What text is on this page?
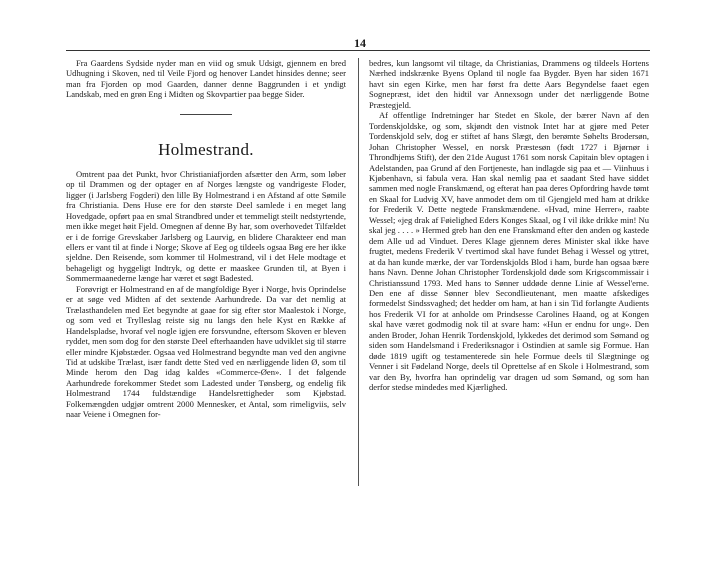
14

Fra Gaardens Sydside nyder man en viid og smuk Udsigt, gjennem en bred Udhugning i Skoven, ned til Veile Fjord og henover Landet hinsides denne; seer man fra Fjorden op mod Gaarden, danner denne Baggrunden i et yndigt Landskab, med en grøn Eng i Midten og Skovpartier paa begge Sider.

Holmestrand.

Omtrent paa det Punkt, hvor Christianiafjorden afsætter den Arm, som løber op til Drammen og der optager en af Norges længste og vandrigeste Floder, ligger (i Jarlsberg Fogderi) den lille By Holmestrand i en Afstand af otte Sømile fra Christiania. Dens Huse ere for den største Deel samlede i en meget lang Hovedgade, opført paa en smal Strandbred under et temmeligt steilt nedstyrtende, men ikke meget høit Fjeld. Omegnen af denne By har, som overhovedet Tilfældet er i de forrige Grevskaber Jarlsberg og Laurvig, en blidere Charakteer end man ellers er vant til at finde i Norge; Skove af Eeg og tildeels ogsaa Bøg ere her ikke sjeldne. Den Reisende, som kommer til Holmestrand, vil i det Hele modtage et behageligt og hyggeligt Indtryk, og dette er maaskee Grunden til, at Byen i Sommermaanederne længe har været et søgt Badested.

Forøvrigt er Holmestrand en af de mangfoldige Byer i Norge, hvis Oprindelse er at søge ved Midten af det sextende Aarhundrede. Da var det nemlig at Trælasthandelen med Eet begyndte at gaae for sig efter stor Maalestok i Norge, og som ved et Trylleslag reiste sig nu langs den hele Kyst en Række af Handelspladse, hvoraf vel nogle igjen ere forsvundne, eftersom Skoven er bleven ryddet, men som dog for den største Deel efterhaanden have udviklet sig til større eller mindre Kjøbstæder. Ogsaa ved Holmestrand begyndte man ved den angivne Tid at udskibe Trælast, især fandt dette Sted ved en nærliggende liden Ø, som til Minde herom den Dag idag kaldes «Commerce-Øen». I det følgende Aarhundrede forekommer Stedet som Ladested under Tønsberg, og endelig fik Holmestrand 1744 fuldstændige Handelsrettigheder som Kjøbstad. Folkemængden udgjør omtrent 2000 Mennesker, et Antal, som rimeligviis, selv naar Veiene i Omegnen for-

bedres, kun langsomt vil tiltage, da Christianias, Drammens og tildeels Hortens Nærhed indskrænke Byens Opland til nogle faa Bygder. Byen har siden 1671 havt sin egen Kirke, men har først fra dette Aars Begyndelse faaet egen Sognepræst, idet den hidtil var Annexsogn under det nærliggende Botne Præstegjeld.

Af offentlige Indretninger har Stedet en Skole, der bærer Navn af den Tordenskjoldske, og som, skjøndt den vistnok Intet har at gjøre med Peter Tordenskjold selv, dog er stiftet af hans Slægt, den berømte Søhelts Brodersøn, Johan Christopher Wessel, en norsk Præstesøn (født 1727 i Bjørnør i Throndhjems Stift), der den 21de August 1761 som norsk Capitain blev optagen i Adelstanden, paa Grund af den Fortjeneste, han indlagde sig paa et — Viinhuus i Kjøbenhavn, si fabula vera. Han skal nemlig paa et saadant Sted have siddet sammen med nogle Franskmænd, og efterat han paa deres Opfordring havde tømt en Skaal for Ludvig XV, have anmodet dem om til Gjengjeld med ham at drikke for Frederik V. Dette negtede Franskmændene. «Hvad, mine Herrer», raabte Wessel; «jeg drak af Føielighed Eders Konges Skaal, og I vil ikke drikke min! Nu skal jeg . . . . » Hermed greb han den ene Franskmand efter den anden og kastede dem Alle ud ad Vinduet. Deres Klage gjennem deres Minister skal ikke have frugtet, medens Frederik V tvertimod skal have fundet Behag i Wessel og yttret, at da han kunde mærke, der var Tordenskjolds Blod i ham, burde han ogsaa bære hans Navn. Denne Johan Christopher Tordenskjold døde som Krigscommissair i Christianssund 1793. Med hans to Sønner uddøde denne Linie af Wessel'erne. Den ene af disse Sønner blev Secondlieutenant, men maatte afskediges formedelst Sindssvaghed; det hedder om ham, at han i sin Tid forlangte Audients hos Frederik VI for at anholde om Prindsesse Carolines Haand, og at Kongen skal have været godmodig nok til at svare ham: «Hun er endnu for ung». Den anden Broder, Johan Henrik Tordenskjold, lykkedes det derimod som Sømand og siden som Handelsmand i Frederiksnagor i Ostindien at samle sig Formue. Han døde 1819 ugift og testamenterede sin hele Formue deels til Slægtninge og Venner i sit Fødeland Norge, deels til Oprettelse af en Skole i Holmestrand, som var den By, hvorfra han oprindelig var dragen ud som Sømand, og som han derfor stedse mindedes med Kjærlighed.
